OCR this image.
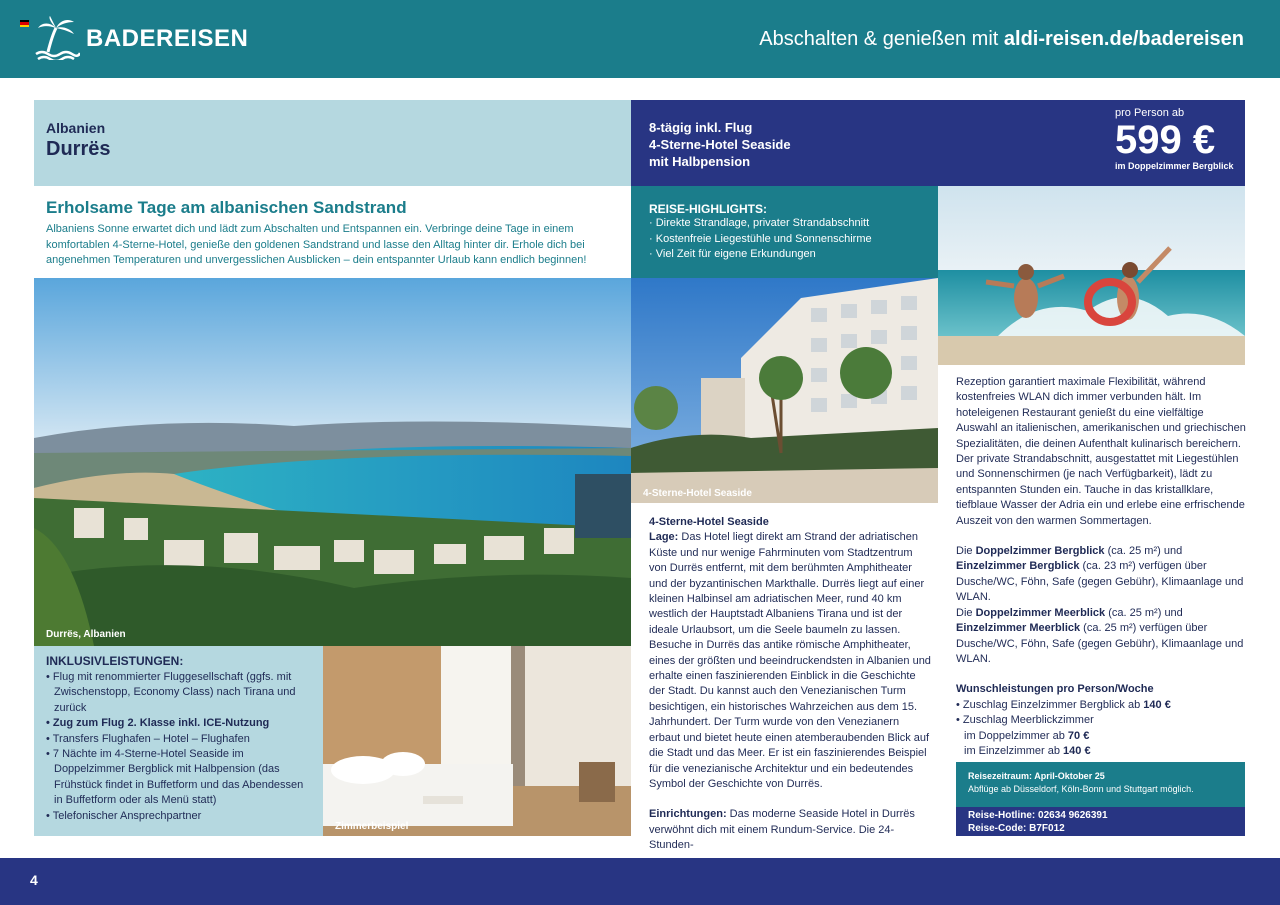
BADEREISEN	Abschalten & genießen mit aldi-reisen.de/badereisen
Albanien
Durrës
8-tägig inkl. Flug
4-Sterne-Hotel Seaside
mit Halbpension
pro Person ab
599 €
im Doppelzimmer Bergblick
Erholsame Tage am albanischen Sandstrand

Albaniens Sonne erwartet dich und lädt zum Abschalten und Entspannen ein. Verbringe deine Tage in einem komfortablen 4-Sterne-Hotel, genieße den goldenen Sandstrand und lasse den Alltag hinter dir. Erhole dich bei angenehmen Temperaturen und unvergesslichen Ausblicken – dein entspannter Urlaub kann endlich beginnen!

REISE-HIGHLIGHTS:
· Direkte Strandlage, privater Strandabschnitt
· Kostenfreie Liegestühle und Sonnenschirme
· Viel Zeit für eigene Erkundungen
Durrës, Albanien
4-Sterne-Hotel Seaside
Zimmerbeispiel
INKLUSIVLEISTUNGEN:
• Flug mit renommierter Fluggesellschaft (ggfs. mit Zwischenstopp, Economy Class) nach Tirana und zurück
• Zug zum Flug 2. Klasse inkl. ICE-Nutzung
• Transfers Flughafen – Hotel – Flughafen
• 7 Nächte im 4-Sterne-Hotel Seaside im Doppelzimmer Bergblick mit Halbpension (das Frühstück findet in Buffetform und das Abendessen in Buffetform oder als Menü statt)
• Telefonischer Ansprechpartner
4-Sterne-Hotel Seaside
Lage: Das Hotel liegt direkt am Strand der adriatischen Küste und nur wenige Fahrminuten vom Stadtzentrum von Durrës entfernt, mit dem berühmten Amphitheater und der byzantinischen Markthalle. Durrës liegt auf einer kleinen Halbinsel am adriatischen Meer, rund 40 km westlich der Hauptstadt Albaniens Tirana und ist der ideale Urlaubsort, um die Seele baumeln zu lassen.
Besuche in Durrës das antike römische Amphitheater, eines der größten und beeindruckendsten in Albanien und erhalte einen faszinierenden Einblick in die Geschichte der Stadt. Du kannst auch den Venezianischen Turm besichtigen, ein historisches Wahrzeichen aus dem 15. Jahrhundert. Der Turm wurde von den Venezianern erbaut und bietet heute einen atemberaubenden Blick auf die Stadt und das Meer. Er ist ein faszinierendes Beispiel für die venezianische Architektur und ein bedeutendes Symbol der Geschichte von Durrës.
Einrichtungen: Das moderne Seaside Hotel in Durrës verwöhnt dich mit einem Rundum-Service. Die 24-Stunden-
Rezeption garantiert maximale Flexibilität, während kostenfreies WLAN dich immer verbunden hält. Im hoteleigenen Restaurant genießt du eine vielfältige Auswahl an italienischen, amerikanischen und griechischen Spezialitäten, die deinen Aufenthalt kulinarisch bereichern. Der private Strandabschnitt, ausgestattet mit Liegestühlen und Sonnenschirmen (je nach Verfügbarkeit), lädt zu entspannten Stunden ein. Tauche in das kristallklare, tiefblaue Wasser der Adria ein und erlebe eine erfrischende Auszeit von den warmen Sommertagen.
Die Doppelzimmer Bergblick (ca. 25 m²) und Einzelzimmer Bergblick (ca. 23 m²) verfügen über Dusche/WC, Föhn, Safe (gegen Gebühr), Klimaanlage und WLAN.
Die Doppelzimmer Meerblick (ca. 25 m²) und Einzelzimmer Meerblick (ca. 25 m²) verfügen über Dusche/WC, Föhn, Safe (gegen Gebühr), Klimaanlage und WLAN.
Wunschleistungen pro Person/Woche
• Zuschlag Einzelzimmer Bergblick ab 140 €
• Zuschlag Meerblickzimmer
im Doppelzimmer ab 70 €
im Einzelzimmer ab 140 €
Reisezeitraum: April-Oktober 25
Abflüge ab Düsseldorf, Köln-Bonn und Stuttgart möglich.
Reise-Hotline: 02634 9626391
Reise-Code: B7F012
4
